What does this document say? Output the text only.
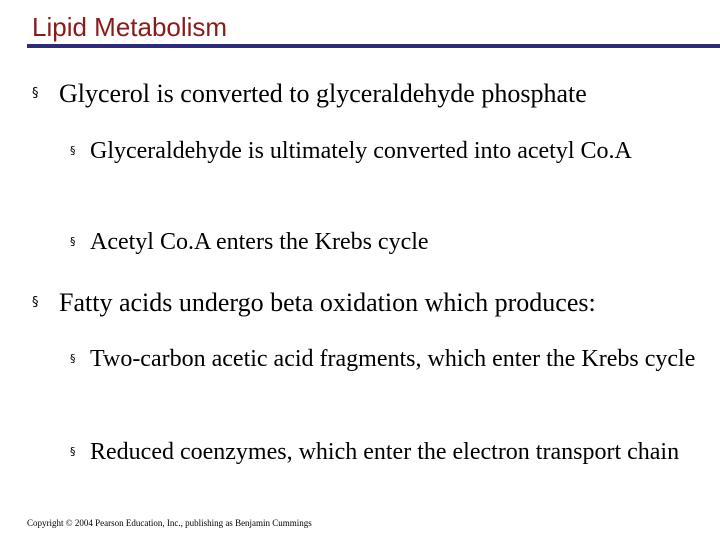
Lipid Metabolism
§ Glycerol is converted to glyceraldehyde phosphate
§ Glyceraldehyde is ultimately converted into acetyl Co.A
§ Acetyl Co.A enters the Krebs cycle
§ Fatty acids undergo beta oxidation which produces:
§ Two-carbon acetic acid fragments, which enter the Krebs cycle
§ Reduced coenzymes, which enter the electron transport chain
Copyright © 2004 Pearson Education, Inc., publishing as Benjamin Cummings
